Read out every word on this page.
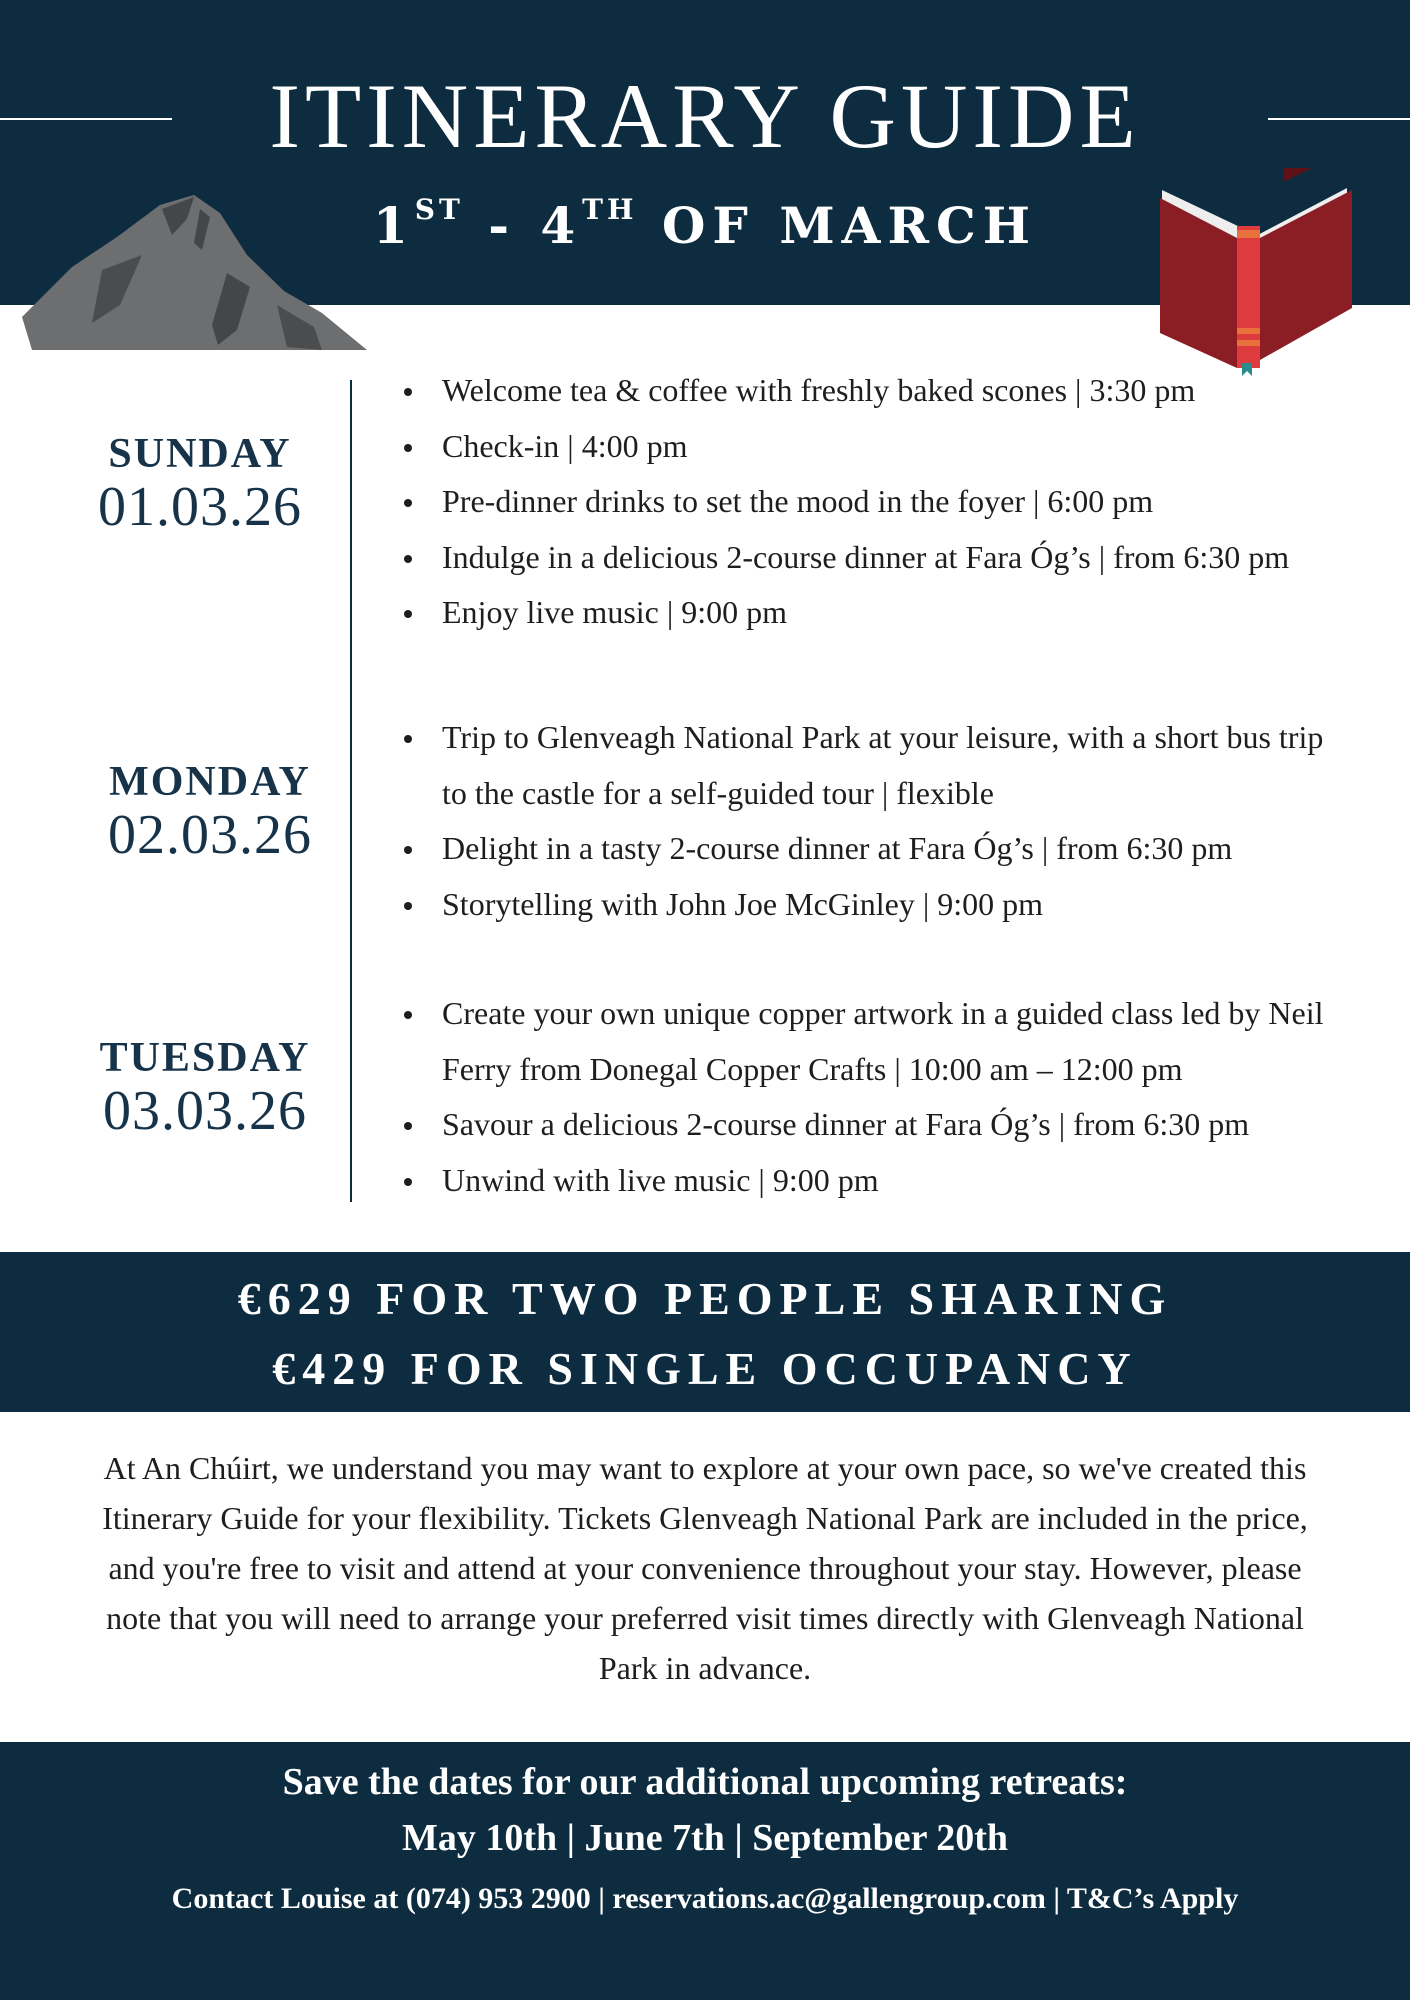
ITINERARY GUIDE
1ST - 4TH OF MARCH
SUNDAY
01.03.26
Welcome tea & coffee with freshly baked scones | 3:30 pm
Check-in | 4:00 pm
Pre-dinner drinks to set the mood in the foyer | 6:00 pm
Indulge in a delicious 2-course dinner at Fara Óg’s | from 6:30 pm
Enjoy live music | 9:00 pm
MONDAY
02.03.26
Trip to Glenveagh National Park at your leisure, with a short bus trip to the castle for a self-guided tour | flexible
Delight in a tasty 2-course dinner at Fara Óg’s | from 6:30 pm
Storytelling with John Joe McGinley | 9:00 pm
TUESDAY
03.03.26
Create your own unique copper artwork in a guided class led by Neil Ferry from Donegal Copper Crafts | 10:00 am – 12:00 pm
Savour a delicious 2-course dinner at Fara Óg’s | from 6:30 pm
Unwind with live music | 9:00 pm
€629 FOR TWO PEOPLE SHARING
€429 FOR SINGLE OCCUPANCY

At An Chúirt, we understand you may want to explore at your own pace, so we've created this Itinerary Guide for your flexibility. Tickets Glenveagh National Park are included in the price, and you're free to visit and attend at your convenience throughout your stay. However, please note that you will need to arrange your preferred visit times directly with Glenveagh National Park in advance.

Save the dates for our additional upcoming retreats:
May 10th | June 7th | September 20th
Contact Louise at (074) 953 2900 | reservations.ac@gallengroup.com | T&C’s Apply
